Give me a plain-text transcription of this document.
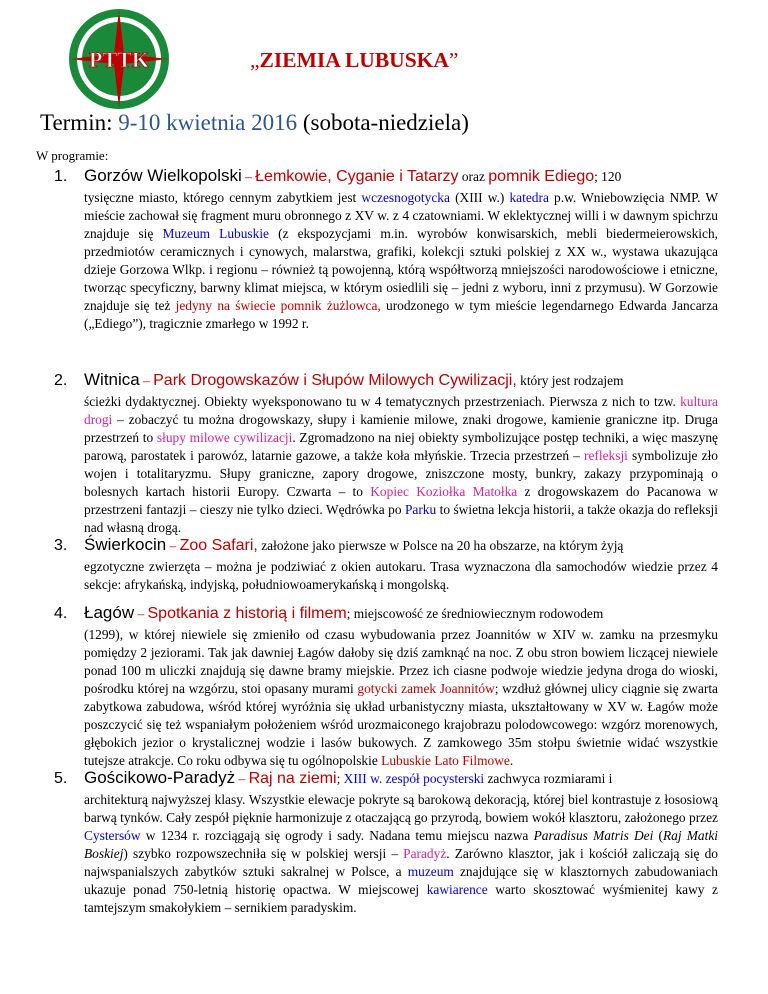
N
E
S
W PTTK	„ZIEMIA LUBUSKA”
Termin: 9-10 kwietnia 2016 (sobota-niedziela)
W programie:
1. Gorzów Wielkopolski – Łemkowie, Cyganie i Tatarzy oraz pomnik Ediego; 120
tysięczne miasto, którego cennym zabytkiem jest wczesnogotycka (XIII w.) katedra p.w. Wniebowzięcia NMP. W mieście zachował się fragment muru obronnego z XV w. z 4 czatowniami. W eklektycznej willi i w dawnym spichrzu znajduje się Muzeum Lubuskie (z ekspozycjami m.in. wyrobów konwisarskich, mebli biedermeierowskich, przedmiotów ceramicznych i cynowych, malarstwa, grafiki, kolekcji sztuki polskiej z XX w., wystawa ukazująca dzieje Gorzowa Wlkp. i regionu – również tą powojenną, którą współtworzą mniejszości narodowościowe i etniczne, tworząc specyficzny, barwny klimat miejsca, w którym osiedlili się – jedni z wyboru, inni z przymusu). W Gorzowie znajduje się też jedyny na świecie pomnik żużlowca, urodzonego w tym mieście legendarnego Edwarda Jancarza („Ediego”), tragicznie zmarłego w 1992 r.
2. Witnica – Park Drogowskazów i Słupów Milowych Cywilizacji, który jest rodzajem
ścieżki dydaktycznej. Obiekty wyeksponowano tu w 4 tematycznych przestrzeniach. Pierwsza z nich to tzw. kultura drogi – zobaczyć tu można drogowskazy, słupy i kamienie milowe, znaki drogowe, kamienie graniczne itp. Druga przestrzeń to słupy milowe cywilizacji. Zgromadzono na niej obiekty symbolizujące postęp techniki, a więc maszynę parową, parostatek i parowóz, latarnie gazowe, a także koła młyńskie. Trzecia przestrzeń – refleksji symbolizuje zło wojen i totalitaryzmu. Słupy graniczne, zapory drogowe, zniszczone mosty, bunkry, zakazy przypominają o bolesnych kartach historii Europy. Czwarta – to Kopiec Koziołka Matołka z drogowskazem do Pacanowa w przestrzeni fantazji – cieszy nie tylko dzieci. Wędrówka po Parku to świetna lekcja historii, a także okazja do refleksji nad własną drogą.
3. Świerkocin – Zoo Safari, założone jako pierwsze w Polsce na 20 ha obszarze, na którym żyją
egzotyczne zwierzęta – można je podziwiać z okien autokaru. Trasa wyznaczona dla samochodów wiedzie przez 4 sekcje: afrykańską, indyjską, południowoamerykańską i mongolską.
4. Łagów – Spotkania z historią i filmem; miejscowość ze średniowiecznym rodowodem
(1299), w której niewiele się zmieniło od czasu wybudowania przez Joannitów w XIV w. zamku na przesmyku pomiędzy 2 jeziorami. Tak jak dawniej Łagów dałoby się dziś zamknąć na noc. Z obu stron bowiem liczącej niewiele ponad 100 m uliczki znajdują się dawne bramy miejskie. Przez ich ciasne podwoje wiedzie jedyna droga do wioski, pośrodku której na wzgórzu, stoi opasany murami gotycki zamek Joannitów; wzdłuż głównej ulicy ciągnie się zwarta zabytkowa zabudowa, wśród której wyróżnia się układ urbanistyczny miasta, ukształtowany w XV w. Łagów może poszczycić się też wspaniałym położeniem wśród urozmaiconego krajobrazu polodowcowego: wzgórz morenowych, głębokich jezior o krystalicznej wodzie i lasów bukowych. Z zamkowego 35m stołpu świetnie widać wszystkie tutejsze atrakcje. Co roku odbywa się tu ogólnopolskie Lubuskie Lato Filmowe.
5. Gościkowo-Paradyż – Raj na ziemi; XIII w. zespół pocysterski zachwyca rozmiarami i
architekturą najwyższej klasy. Wszystkie elewacje pokryte są barokową dekoracją, której biel kontrastuje z łososiową barwą tynków. Cały zespół pięknie harmonizuje z otaczającą go przyrodą, bowiem wokół klasztoru, założonego przez Cystersów w 1234 r. rozciągają się ogrody i sady. Nadana temu miejscu nazwa Paradisus Matris Dei (Raj Matki Boskiej) szybko rozpowszechniła się w polskiej wersji – Paradyż. Zarówno klasztor, jak i kościół zaliczają się do najwspanialszych zabytków sztuki sakralnej w Polsce, a muzeum znajdujące się w klasztornych zabudowaniach ukazuje ponad 750-letnią historię opactwa. W miejscowej kawiarence warto skosztować wyśmienitej kawy z tamtejszym smakołykiem – sernikiem paradyskim.
